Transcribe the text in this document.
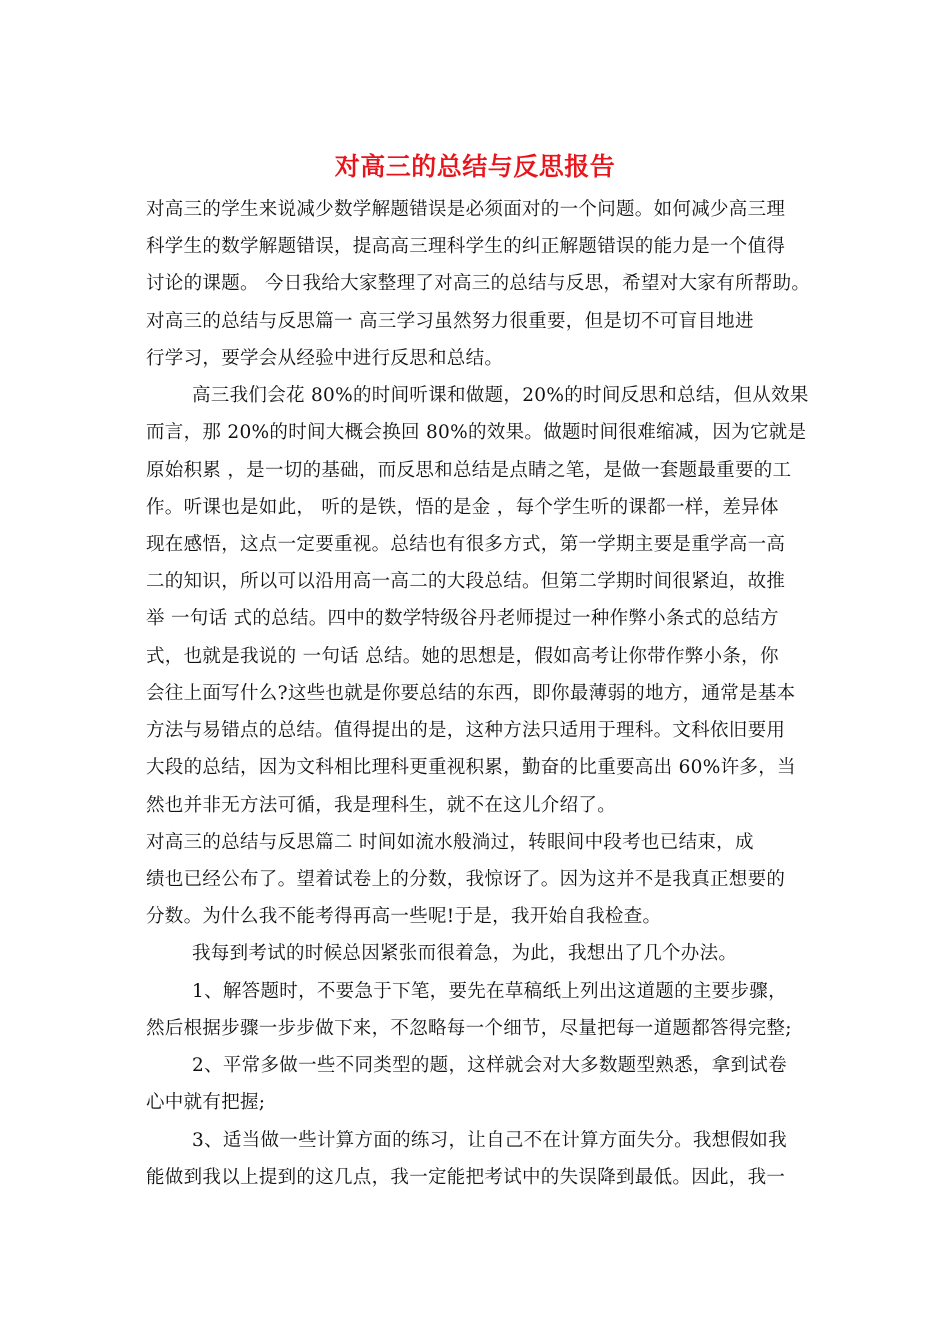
对高三的总结与反思报告
对高三的学生来说减少数学解题错误是必须面对的一个问题。如何减少高三理
科学生的数学解题错误，提高高三理科学生的纠正解题错误的能力是一个值得
讨论的课题。 今日我给大家整理了对高三的总结与反思，希望对大家有所帮助。
对高三的总结与反思篇一 高三学习虽然努力很重要，但是切不可盲目地进
行学习，要学会从经验中进行反思和总结。
高三我们会花 80%的时间听课和做题，20%的时间反思和总结，但从效果
而言，那 20%的时间大概会换回 80%的效果。做题时间很难缩减，因为它就是
原始积累 ，是一切的基础，而反思和总结是点睛之笔，是做一套题最重要的工
作。听课也是如此， 听的是铁，悟的是金 ，每个学生听的课都一样，差异体
现在感悟，这点一定要重视。总结也有很多方式，第一学期主要是重学高一高
二的知识，所以可以沿用高一高二的大段总结。但第二学期时间很紧迫，故推
举 一句话 式的总结。四中的数学特级谷丹老师提过一种作弊小条式的总结方
式，也就是我说的 一句话 总结。她的思想是，假如高考让你带作弊小条，你
会往上面写什么?这些也就是你要总结的东西，即你最薄弱的地方，通常是基本
方法与易错点的总结。值得提出的是，这种方法只适用于理科。文科依旧要用
大段的总结，因为文科相比理科更重视积累，勤奋的比重要高出 60%许多，当
然也并非无方法可循，我是理科生，就不在这儿介绍了。
对高三的总结与反思篇二 时间如流水般淌过，转眼间中段考也已结束，成
绩也已经公布了。望着试卷上的分数，我惊讶了。因为这并不是我真正想要的
分数。为什么我不能考得再高一些呢!于是，我开始自我检查。
我每到考试的时候总因紧张而很着急，为此，我想出了几个办法。
1、解答题时，不要急于下笔，要先在草稿纸上列出这道题的主要步骤，
然后根据步骤一步步做下来，不忽略每一个细节，尽量把每一道题都答得完整;
2、平常多做一些不同类型的题，这样就会对大多数题型熟悉，拿到试卷
心中就有把握;
3、适当做一些计算方面的练习，让自己不在计算方面失分。我想假如我
能做到我以上提到的这几点，我一定能把考试中的失误降到最低。因此，我一
